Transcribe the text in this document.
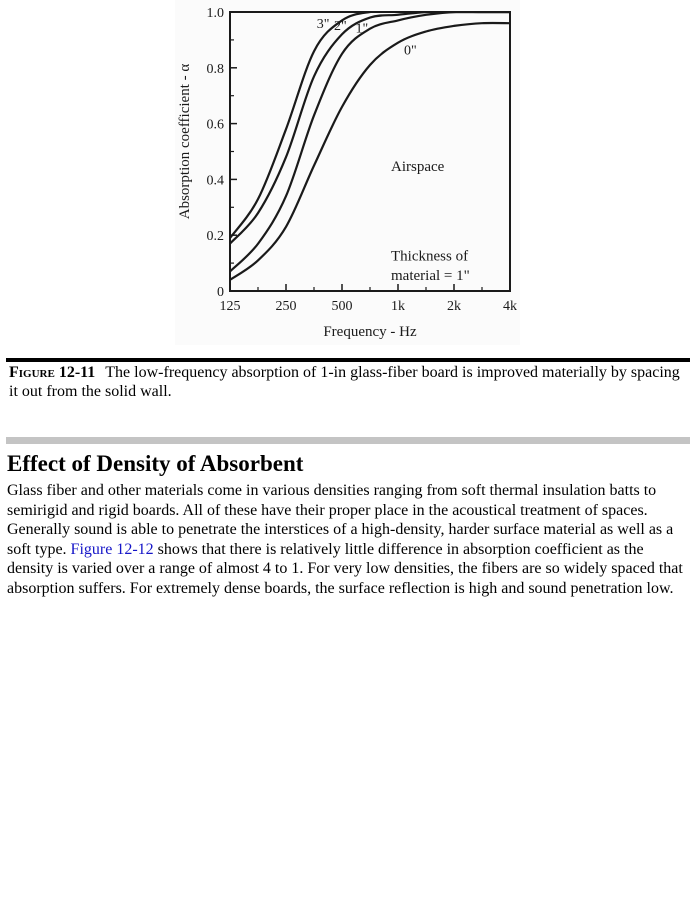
0
0.2
0.4
0.6
0.8
1.0
125	250	500	1k	2k	4k
Frequency - Hz
Absorption coefficient - α
3" 2" 1"
0"
Airspace
Thickness of
material = 1"
Figure 12-11 The low-frequency absorption of 1-in glass-fiber board is improved materially by spacing it out from the solid wall.
Effect of Density of Absorbent

Glass fiber and other materials come in various densities ranging from soft thermal insulation batts to semirigid and rigid boards. All of these have their proper place in the acoustical treatment of spaces. Generally sound is able to penetrate the interstices of a high-density, harder surface material as well as a soft type. Figure 12-12 shows that there is relatively little difference in absorption coefficient as the density is varied over a range of almost 4 to 1. For very low densities, the fibers are so widely spaced that absorption suffers. For extremely dense boards, the surface reflection is high and sound penetration low.
